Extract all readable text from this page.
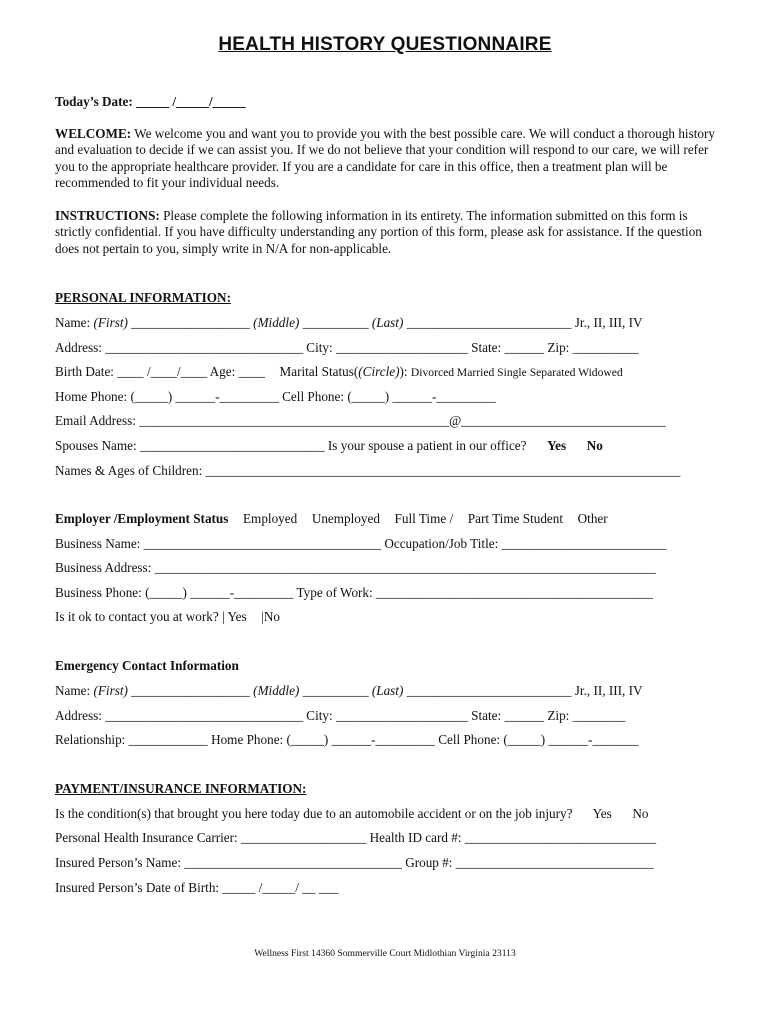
HEALTH HISTORY QUESTIONNAIRE
Today’s Date: _____ /_____/_____
WELCOME: We welcome you and want you to provide you with the best possible care. We will conduct a thorough history and evaluation to decide if we can assist you. If we do not believe that your condition will respond to our care, we will refer you to the appropriate healthcare provider. If you are a candidate for care in this office, then a treatment plan will be recommended to fit your individual needs.
INSTRUCTIONS: Please complete the following information in its entirety. The information submitted on this form is strictly confidential. If you have difficulty understanding any portion of this form, please ask for assistance. If the question does not pertain to you, simply write in N/A for non-applicable.
PERSONAL INFORMATION:
Name: (First) __________________ (Middle) __________ (Last) _________________________ Jr., II, III, IV
Address: ______________________________ City: ____________________ State: ______ Zip: __________
Birth Date: ____ /____/____ Age: ____ Marital Status((Circle)): Divorced Married Single Separated Widowed
Home Phone: (_____) ______-_________ Cell Phone: (_____) ______-_________
Email Address: _______________________________________________@_______________________________
Spouses Name: ____________________________ Is your spouse a patient in our office? Yes No
Names & Ages of Children: ________________________________________________________________________
Employer /Employment Status Employed Unemployed Full Time / Part Time Student Other
Business Name: ____________________________________ Occupation/Job Title: _________________________
Business Address: ____________________________________________________________________________
Business Phone: (_____) ______-_________ Type of Work: __________________________________________
Is it ok to contact you at work? | Yes |No
Emergency Contact Information
Name: (First) __________________ (Middle) __________ (Last) _________________________ Jr., II, III, IV
Address: ______________________________ City: ____________________ State: ______ Zip: ________
Relationship: ____________ Home Phone: (_____) ______-_________ Cell Phone: (_____) ______-_______
PAYMENT/INSURANCE INFORMATION:
Is the condition(s) that brought you here today due to an automobile accident or on the job injury? Yes No
Personal Health Insurance Carrier: ___________________ Health ID card #: _____________________________
Insured Person’s Name: _________________________________ Group #: ______________________________
Insured Person’s Date of Birth: _____ /_____/ __ ___
Wellness First 14360 Sommerville Court Midlothian Virginia 23113
